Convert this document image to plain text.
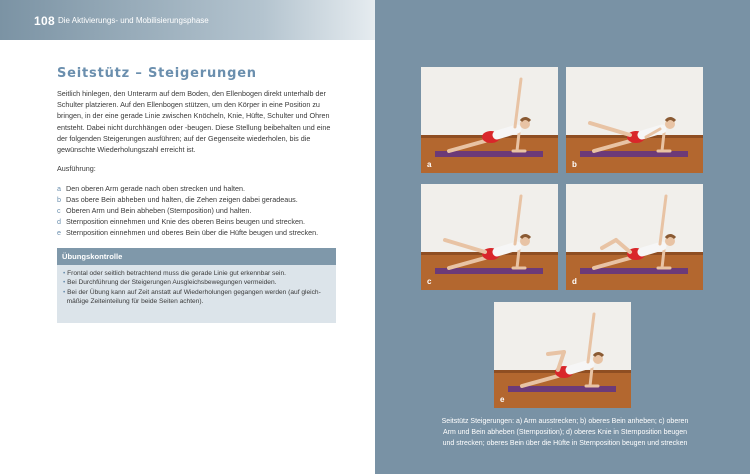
108 Die Aktivierungs- und Mobilisierungsphase
Seitstütz – Steigerungen

Seitlich hinlegen, den Unterarm auf dem Boden, den Ellenbogen direkt unterhalb der Schulter platzieren. Auf den Ellenbogen stützen, um den Körper in eine Position zu bringen, in der eine gerade Linie zwischen Knöcheln, Knie, Hüfte, Schulter und Ohren entsteht. Dabei nicht durchhängen oder -beugen. Diese Stellung beibehalten und eine der folgenden Steigerungen ausführen; auf der Gegenseite wiederholen, bis die gewünschte Wiederholungszahl erreicht ist.

Ausführung:
a Den oberen Arm gerade nach oben strecken und halten.
b Das obere Bein abheben und halten, die Zehen zeigen dabei geradeaus.
c Oberen Arm und Bein abheben (Sternposition) und halten.
d Sternposition einnehmen und Knie des oberen Beins beugen und strecken.
e Sternposition einnehmen und oberes Bein über die Hüfte beugen und strecken.
Übungskontrolle
• Frontal oder seitlich betrachtend muss die gerade Linie gut erkennbar sein.
• Bei Durchführung der Steigerungen Ausgleichsbewegungen vermeiden.
• Bei der Übung kann auf Zeit anstatt auf Wiederholungen gegangen werden (auf gleich-
mäßige Zeiteinteilung für beide Seiten achten).
a	b
c	d
e
Seitstütz Steigerungen: a) Arm ausstrecken; b) oberes Bein anheben; c) oberen
Arm und Bein abheben (Sternposition); d) oberes Knie in Sternposition beugen
und strecken; oberes Bein über die Hüfte in Sternposition beugen und strecken
